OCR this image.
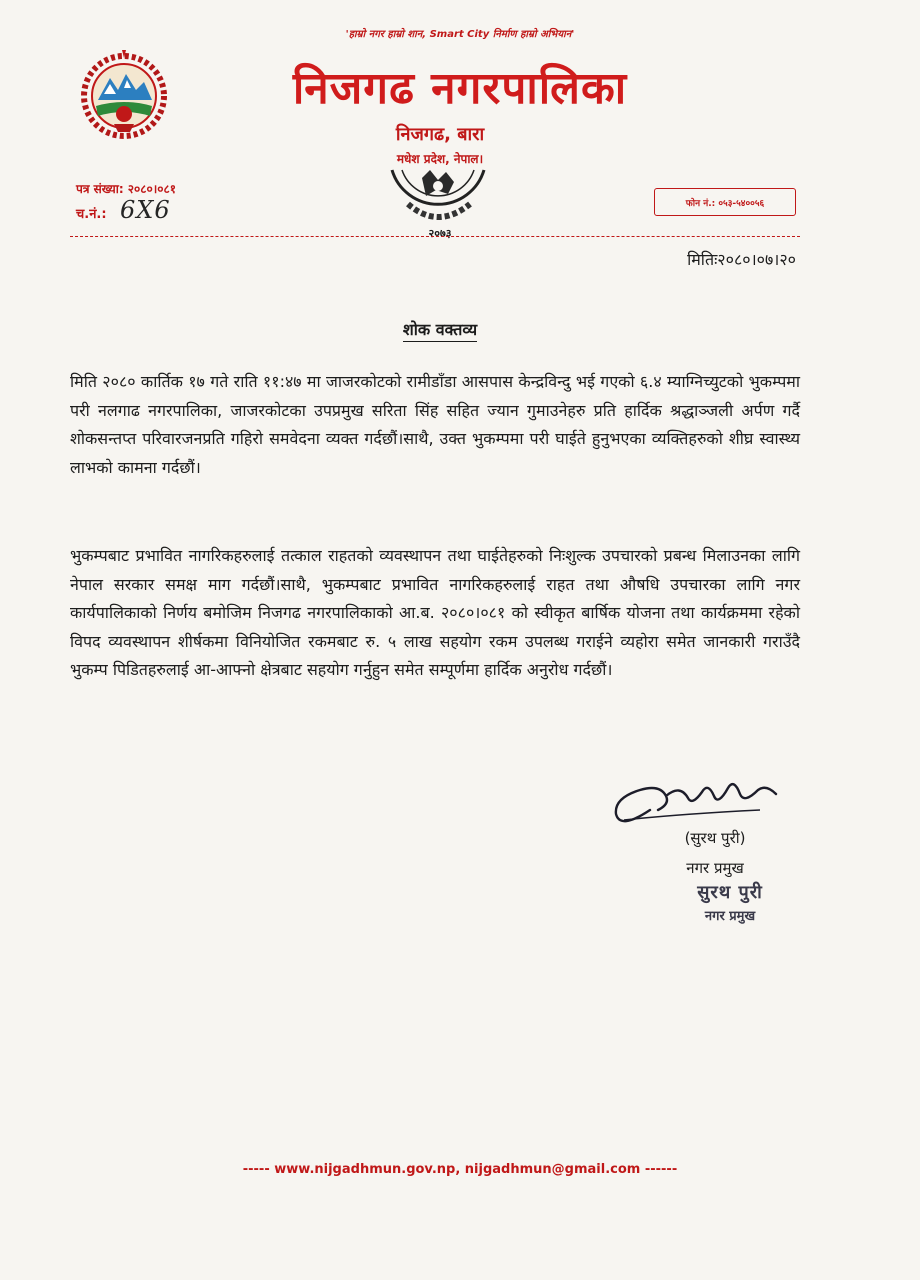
'हाम्रो नगर हाम्रो शान, Smart City निर्माण हाम्रो अभियान'
निजगढ नगरपालिका
निजगढ, बारा
मधेश प्रदेश, नेपाल।
२०७३
पत्र संख्या: २०८०।०८१
च.नं.: 6X6	फोन नं.: ०५३-५४००५६
मितिः२०८०।०७।२०
शोक वक्तव्य
मिति २०८० कार्तिक १७ गते राति ११:४७ मा जाजरकोटको रामीडाँडा आसपास केन्द्रविन्दु भई गएको ६.४ म्याग्निच्युटको भुकम्पमा परी नलगाढ नगरपालिका, जाजरकोटका उपप्रमुख सरिता सिंह सहित ज्यान गुमाउनेहरु प्रति हार्दिक श्रद्धाञ्जली अर्पण गर्दै शोकसन्तप्त परिवारजनप्रति गहिरो समवेदना व्यक्त गर्दछौं।साथै, उक्त भुकम्पमा परी घाईते हुनुभएका व्यक्तिहरुको शीघ्र स्वास्थ्य लाभको कामना गर्दछौं।
भुकम्पबाट प्रभावित नागरिकहरुलाई तत्काल राहतको व्यवस्थापन तथा घाईतेहरुको निःशुल्क उपचारको प्रबन्ध मिलाउनका लागि नेपाल सरकार समक्ष माग गर्दछौं।साथै, भुकम्पबाट प्रभावित नागरिकहरुलाई राहत तथा औषधि उपचारका लागि नगर कार्यपालिकाको निर्णय बमोजिम निजगढ नगरपालिकाको आ.ब. २०८०।०८१ को स्वीकृत बार्षिक योजना तथा कार्यक्रममा रहेको विपद व्यवस्थापन शीर्षकमा विनियोजित रकमबाट रु. ५ लाख सहयोग रकम उपलब्ध गराईने व्यहोरा समेत जानकारी गराउँदै भुकम्प पिडितहरुलाई आ-आफ्नो क्षेत्रबाट सहयोग गर्नुहुन समेत सम्पूर्णमा हार्दिक अनुरोध गर्दछौं।
(सुरथ पुरी)
नगर प्रमुख
सुरथ पुरी
नगर प्रमुख
----- www.nijgadhmun.gov.np, nijgadhmun@gmail.com ------
